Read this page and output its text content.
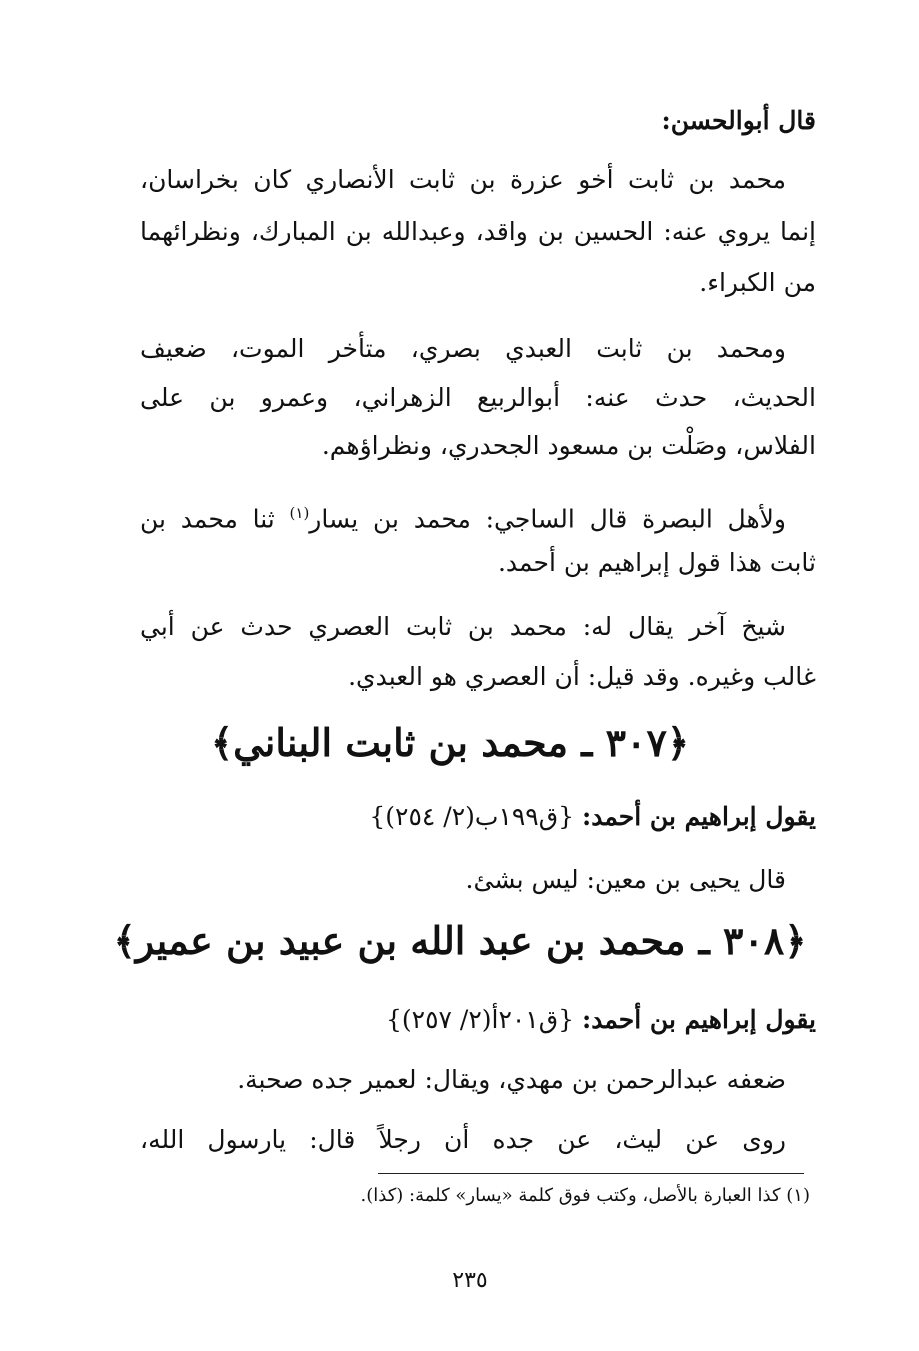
قال أبوالحسن:
محمد بن ثابت أخو عزرة بن ثابت الأنصاري كان بخراسان،
إنما يروي عنه: الحسين بن واقد، وعبدالله بن المبارك، ونظرائهما
من الكبراء.
ومحمد بن ثابت العبدي بصري، متأخر الموت، ضعيف
الحديث، حدث عنه: أبوالربيع الزهراني، وعمرو بن على
الفلاس، وصَلْت بن مسعود الجحدري، ونظراؤهم.
ولأهل البصرة قال الساجي: محمد بن يسار$^{(١)}$ ثنا محمد بن
ثابت هذا قول إبراهيم بن أحمد.
شيخ آخر يقال له: محمد بن ثابت العصري حدث عن أبي
غالب وغيره. وقد قيل: أن العصري هو العبدي.
﴿٣٠٧ ـ محمد بن ثابت البناني﴾
يقول إبراهيم بن أحمد: {ق١٩٩ب(٢/ ٢٥٤)}
قال يحيى بن معين: ليس بشئ.
﴿٣٠٨ ـ محمد بن عبد الله بن عبيد بن عمير﴾
يقول إبراهيم بن أحمد: {ق٢٠١أ(٢/ ٢٥٧)}
ضعفه عبدالرحمن بن مهدي، ويقال: لعمير جده صحبة.
روى عن ليث، عن جده أن رجلاً قال: يارسول الله،
(١) كذا العبارة بالأصل، وكتب فوق كلمة «يسار» كلمة: (كذا).
٢٣٥
